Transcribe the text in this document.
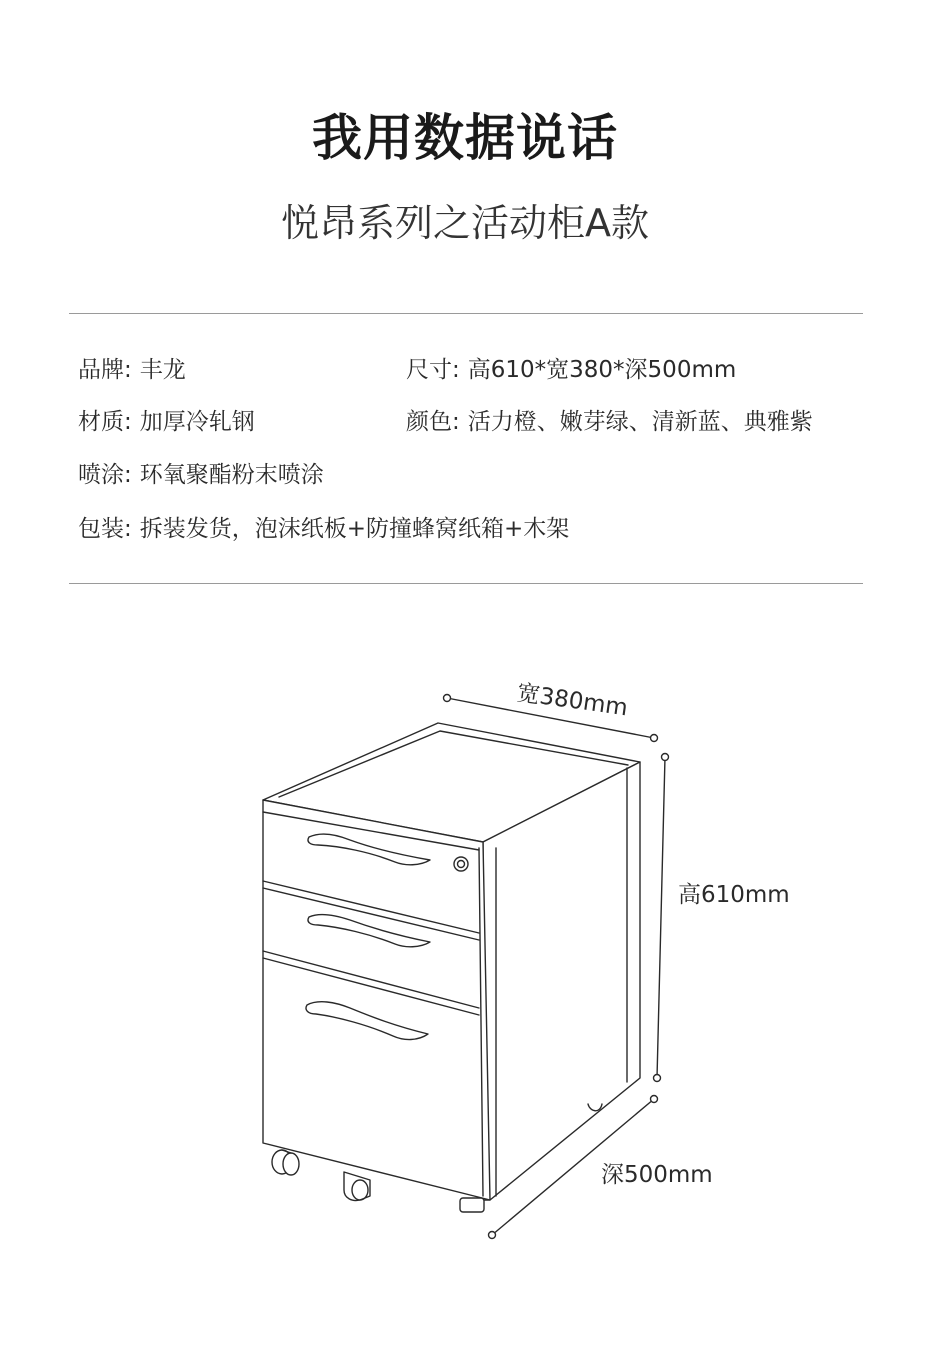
我用数据说话
悦昂系列之活动柜A款
品牌: 丰龙	尺寸: 高610*宽380*深500mm
材质: 加厚冷轧钢	颜色: 活力橙、嫩芽绿、清新蓝、典雅紫
喷涂: 环氧聚酯粉末喷涂
包装: 拆装发货，泡沫纸板+防撞蜂窝纸箱+木架
宽380mm
高610mm
深500mm
